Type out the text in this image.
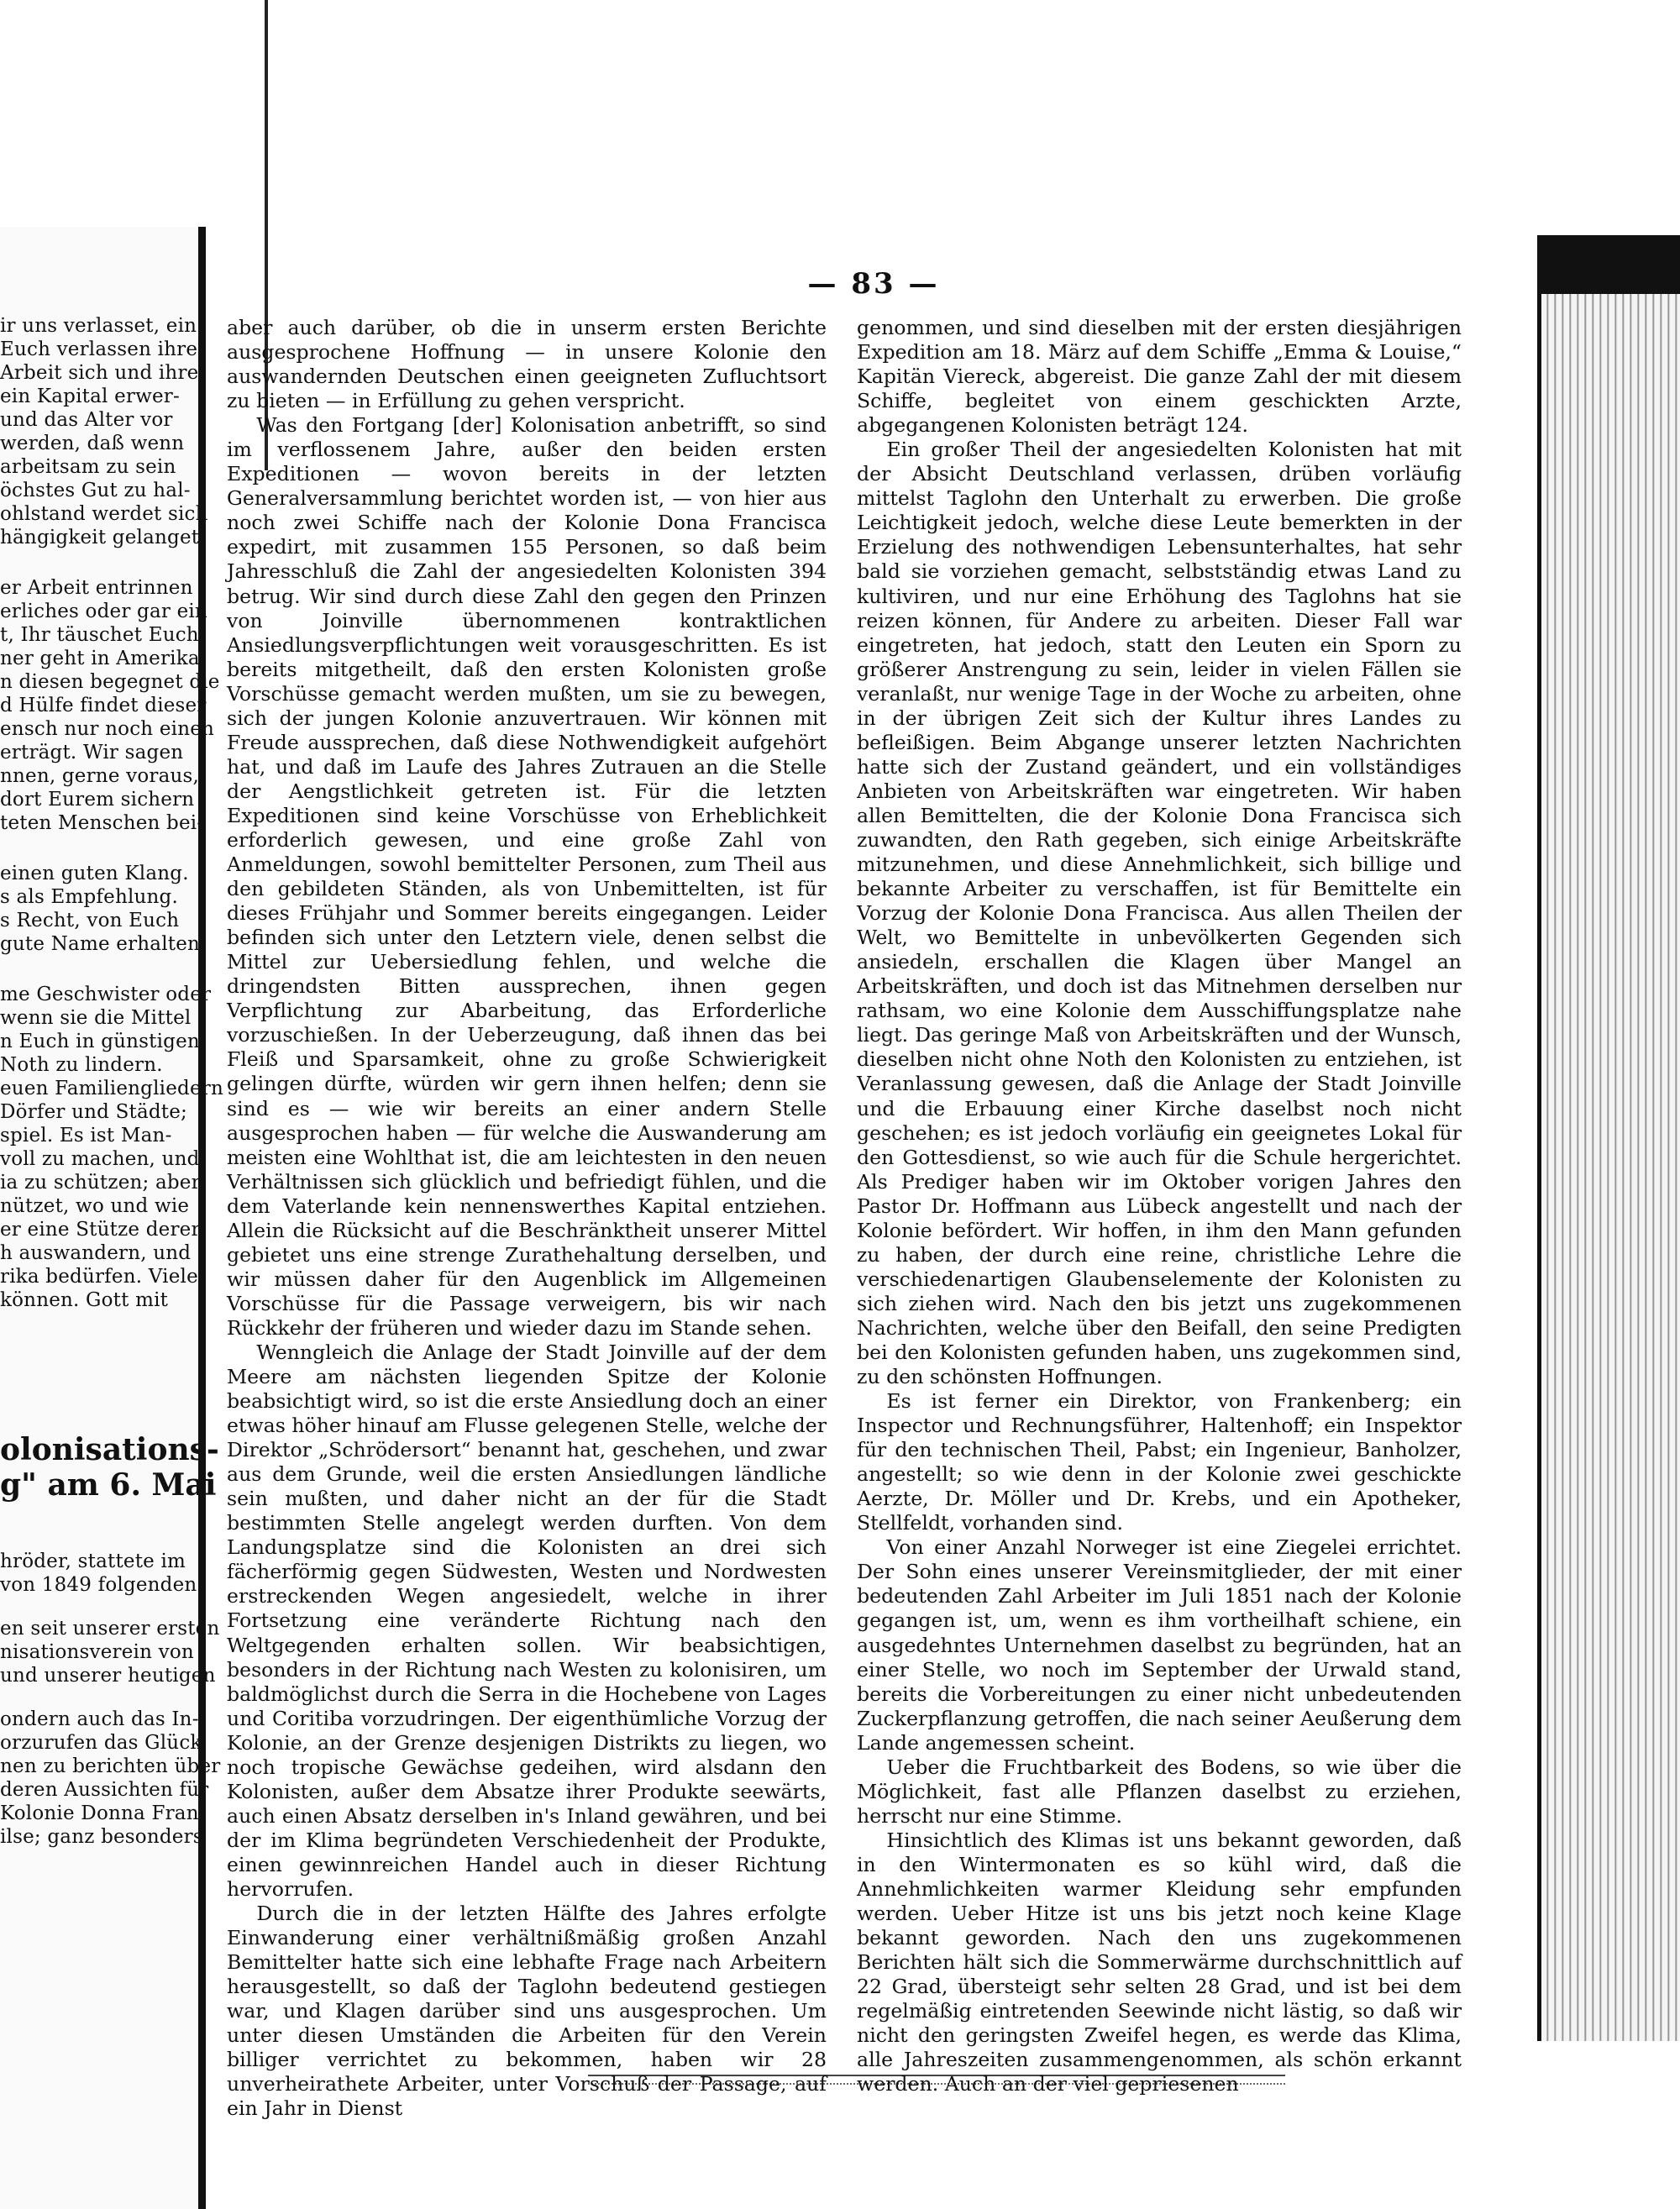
— 83 —
ir uns verlasset, ein
Euch verlassen ihre
Arbeit sich und ihre
ein Kapital erwer-
und das Alter vor
werden, daß wenn
arbeitsam zu sein
öchstes Gut zu hal-
ohlstand werdet sich
hängigkeit gelanget,
er Arbeit entrinnen
erliches oder gar
t, Ihr täuschet Euch
ner geht in Amerika
n diesen begegnet
d Hülfe findet dieser
ensch nur noch einen
erträgt. Wir sagen
nnen, gerne voraus,
dort Eurem sichern
teten Menschen bei-
einen guten Klang.
s als Empfehlung.
s Recht, von Euch
gute Name erhalten
me Geschwister oder
wenn sie die Mittel
n Euch in günstigen
Noth zu lindern.
euen Familiengliedern
Dörfer und Städte;
spiel. Es ist Man-
voll zu machen, und
ia zu schützen; aber
nützet, wo und wie
er eine Stütze derer
h auswandern, und
rika bedürfen. Viele
können. Gott mit
olonisations-
g" am 6. Mai
hröder, stattete im
von 1849 folgenden
en seit unserer ersten
nisationsverein von
und unserer heutigen
ondern auch das In-
orzurufen das Glück
nen zu berichten
deren Aussichten
Kolonie Donna Fran-
ilse; ganz besonders

aber auch darüber, ob die in unserm ersten Berichte ausgesprochene Hoffnung — in unsere Kolonie den auswandernden Deutschen einen geeigneten Zufluchtsort zu bieten — in Erfüllung zu gehen verspricht.

Was den Fortgang [der] Kolonisation anbetrifft, so sind im verflossenem Jahre, außer den beiden ersten Expeditionen — wovon bereits in der letzten Generalversammlung berichtet worden ist, — von hier aus noch zwei Schiffe nach der Kolonie Dona Francisca expedirt, mit zusammen 155 Personen, so daß beim Jahresschluß die Zahl der angesiedelten Kolonisten 394 betrug. Wir sind durch diese Zahl den gegen den Prinzen von Joinville übernommenen kontraktlichen Ansiedlungsverpflichtungen weit vorausgeschritten. Es ist bereits mitgetheilt, daß den ersten Kolonisten große Vorschüsse gemacht werden mußten, um sie zu bewegen, sich der jungen Kolonie anzuvertrauen. Wir können mit Freude aussprechen, daß diese Nothwendigkeit aufgehört hat, und daß im Laufe des Jahres Zutrauen an die Stelle der Aengstlichkeit getreten ist. Für die letzten Expeditionen sind keine Vorschüsse von Erheblichkeit erforderlich gewesen, und eine große Zahl von Anmeldungen, sowohl bemittelter Personen, zum Theil aus den gebildeten Ständen, als von Unbemittelten, ist für dieses Frühjahr und Sommer bereits eingegangen. Leider befinden sich unter den Letztern viele, denen selbst die Mittel zur Uebersiedlung fehlen, und welche die dringendsten Bitten aussprechen, ihnen gegen Verpflichtung zur Abarbeitung, das Erforderliche vorzuschießen. In der Ueberzeugung, daß ihnen das bei Fleiß und Sparsamkeit, ohne zu große Schwierigkeit gelingen dürfte, würden wir gern ihnen helfen; denn sie sind es — wie wir bereits an einer andern Stelle ausgesprochen haben — für welche die Auswanderung am meisten eine Wohlthat ist, die am leichtesten in den neuen Verhältnissen sich glücklich und befriedigt fühlen, und die dem Vaterlande kein nennenswerthes Kapital entziehen. Allein die Rücksicht auf die Beschränktheit unserer Mittel gebietet uns eine strenge Zurathehaltung derselben, und wir müssen daher für den Augenblick im Allgemeinen Vorschüsse für die Passage verweigern, bis wir nach Rückkehr der früheren und wieder dazu im Stande sehen.

Wenngleich die Anlage der Stadt Joinville auf der dem Meere am nächsten liegenden Spitze der Kolonie beabsichtigt wird, so ist die erste Ansiedlung doch an einer etwas höher hinauf am Flusse gelegenen Stelle, welche der Direktor „Schrödersort“ benannt hat, geschehen, und zwar aus dem Grunde, weil die ersten Ansiedlungen ländliche sein mußten, und daher nicht an der für die Stadt bestimmten Stelle angelegt werden durften. Von dem Landungsplatze sind die Kolonisten an drei sich fächerförmig gegen Südwesten, Westen und Nordwesten erstreckenden Wegen angesiedelt, welche in ihrer Fortsetzung eine veränderte Richtung nach den Weltgegenden erhalten sollen. Wir beabsichtigen, besonders in der Richtung nach Westen zu kolonisiren, um baldmöglichst durch die Serra in die Hochebene von Lages und Coritiba vorzudringen. Der eigenthümliche Vorzug der Kolonie, an der Grenze desjenigen Distrikts zu liegen, wo noch tropische Gewächse gedeihen, wird alsdann den Kolonisten, außer dem Absatze ihrer Produkte seewärts, auch einen Absatz derselben in's Inland gewähren, und bei der im Klima begründeten Verschiedenheit der Produkte, einen gewinnreichen Handel auch in dieser Richtung hervorrufen.

Durch die in der letzten Hälfte des Jahres erfolgte Einwanderung einer verhältnißmäßig großen Anzahl Bemittelter hatte sich eine lebhafte Frage nach Arbeitern herausgestellt, so daß der Taglohn bedeutend gestiegen war, und Klagen darüber sind uns ausgesprochen. Um unter diesen Umständen die Arbeiten für den Verein billiger verrichtet zu bekommen, haben wir 28 unverheirathete Arbeiter, unter Vorschuß der Passage, auf ein Jahr in Dienst

genommen, und sind dieselben mit der ersten diesjährigen Expedition am 18. März auf dem Schiffe „Emma & Louise,“ Kapitän Viereck, abgereist. Die ganze Zahl der mit diesem Schiffe, begleitet von einem geschickten Arzte, abgegangenen Kolonisten beträgt 124.

Ein großer Theil der angesiedelten Kolonisten hat mit der Absicht Deutschland verlassen, drüben vorläufig mittelst Taglohn den Unterhalt zu erwerben. Die große Leichtigkeit jedoch, welche diese Leute bemerkten in der Erzielung des nothwendigen Lebensunterhaltes, hat sehr bald sie vorziehen gemacht, selbstständig etwas Land zu kultiviren, und nur eine Erhöhung des Taglohns hat sie reizen können, für Andere zu arbeiten. Dieser Fall war eingetreten, hat jedoch, statt den Leuten ein Sporn zu größerer Anstrengung zu sein, leider in vielen Fällen sie veranlaßt, nur wenige Tage in der Woche zu arbeiten, ohne in der übrigen Zeit sich der Kultur ihres Landes zu befleißigen. Beim Abgange unserer letzten Nachrichten hatte sich der Zustand geändert, und ein vollständiges Anbieten von Arbeitskräften war eingetreten. Wir haben allen Bemittelten, die der Kolonie Dona Francisca sich zuwandten, den Rath gegeben, sich einige Arbeitskräfte mitzunehmen, und diese Annehmlichkeit, sich billige und bekannte Arbeiter zu verschaffen, ist für Bemittelte ein Vorzug der Kolonie Dona Francisca. Aus allen Theilen der Welt, wo Bemittelte in unbevölkerten Gegenden sich ansiedeln, erschallen die Klagen über Mangel an Arbeitskräften, und doch ist das Mitnehmen derselben nur rathsam, wo eine Kolonie dem Ausschiffungsplatze nahe liegt. Das geringe Maß von Arbeitskräften und der Wunsch, dieselben nicht ohne Noth den Kolonisten zu entziehen, ist Veranlassung gewesen, daß die Anlage der Stadt Joinville und die Erbauung einer Kirche daselbst noch nicht geschehen; es ist jedoch vorläufig ein geeignetes Lokal für den Gottesdienst, so wie auch für die Schule hergerichtet. Als Prediger haben wir im Oktober vorigen Jahres den Pastor Dr. Hoffmann aus Lübeck angestellt und nach der Kolonie befördert. Wir hoffen, in ihm den Mann gefunden zu haben, der durch eine reine, christliche Lehre die verschiedenartigen Glaubenselemente der Kolonisten zu sich ziehen wird. Nach den bis jetzt uns zugekommenen Nachrichten, welche über den Beifall, den seine Predigten bei den Kolonisten gefunden haben, uns zugekommen sind, zu den schönsten Hoffnungen.

Es ist ferner ein Direktor, von Frankenberg; ein Inspector und Rechnungsführer, Haltenhoff; ein Inspektor für den technischen Theil, Pabst; ein Ingenieur, Banholzer, angestellt; so wie denn in der Kolonie zwei geschickte Aerzte, Dr. Möller und Dr. Krebs, und ein Apotheker, Stellfeldt, vorhanden sind.

Von einer Anzahl Norweger ist eine Ziegelei errichtet. Der Sohn eines unserer Vereinsmitglieder, der mit einer bedeutenden Zahl Arbeiter im Juli 1851 nach der Kolonie gegangen ist, um, wenn es ihm vortheilhaft schiene, ein ausgedehntes Unternehmen daselbst zu begründen, hat an einer Stelle, wo noch im September der Urwald stand, bereits die Vorbereitungen zu einer nicht unbedeutenden Zuckerpflanzung getroffen, die nach seiner Aeußerung dem Lande angemessen scheint.

Ueber die Fruchtbarkeit des Bodens, so wie über die Möglichkeit, fast alle Pflanzen daselbst zu erziehen, herrscht nur eine Stimme.

Hinsichtlich des Klimas ist uns bekannt geworden, daß in den Wintermonaten es so kühl wird, daß die Annehmlichkeiten warmer Kleidung sehr empfunden werden. Ueber Hitze ist uns bis jetzt noch keine Klage bekannt geworden. Nach den uns zugekommenen Berichten hält sich die Sommerwärme durchschnittlich auf 22 Grad, übersteigt sehr selten 28 Grad, und ist bei dem regelmäßig eintretenden Seewinde nicht lästig, so daß wir nicht den geringsten Zweifel hegen, es werde das Klima, alle Jahreszeiten zusammengenommen, als schön erkannt werden. Auch an der viel gepriesenen
